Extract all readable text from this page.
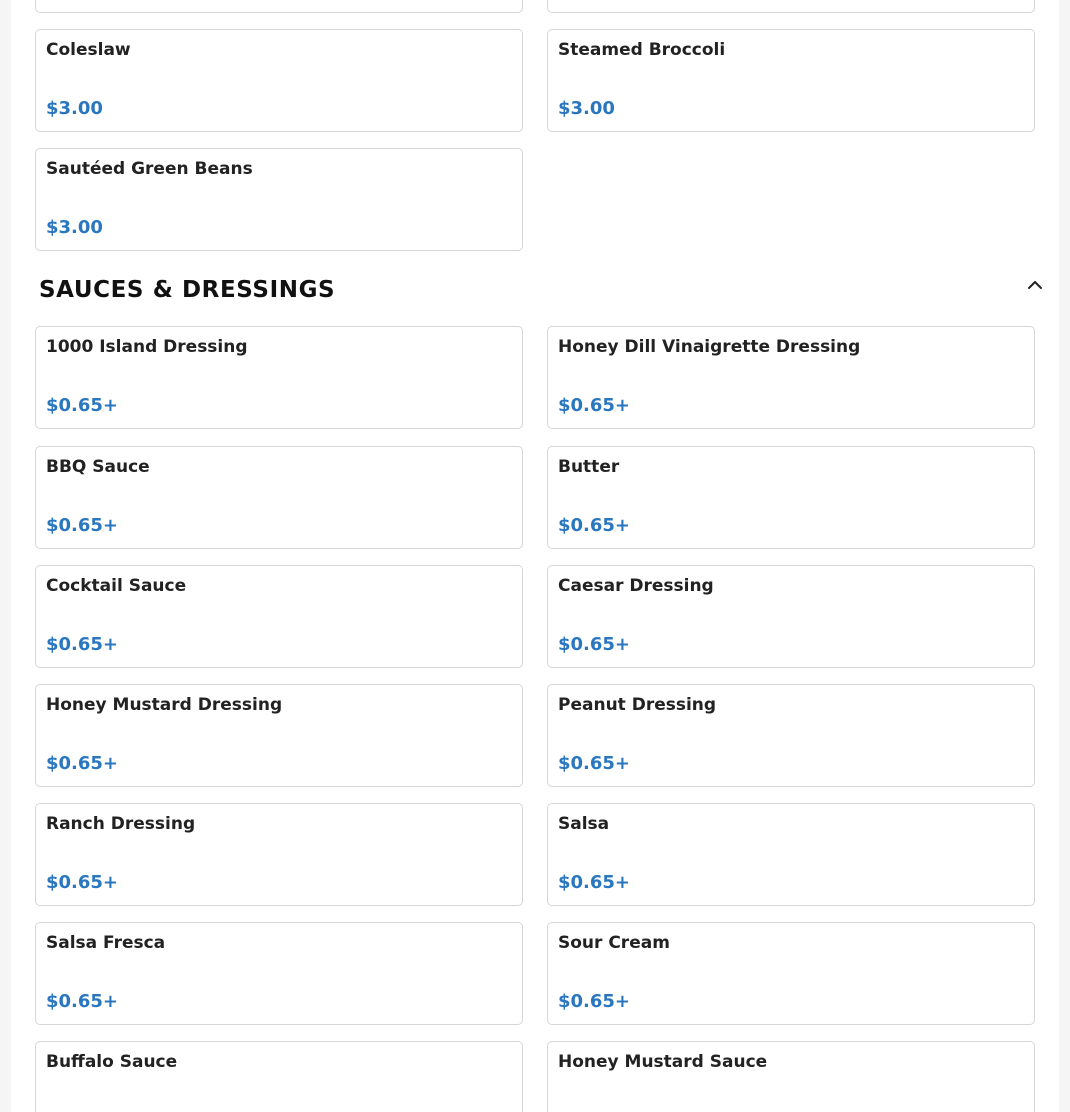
Coleslaw
$3.00
Steamed Broccoli
$3.00
Sautéed Green Beans
$3.00
SAUCES & DRESSINGS
1000 Island Dressing
$0.65+
Honey Dill Vinaigrette Dressing
$0.65+
BBQ Sauce
$0.65+
Butter
$0.65+
Cocktail Sauce
$0.65+
Caesar Dressing
$0.65+
Honey Mustard Dressing
$0.65+
Peanut Dressing
$0.65+
Ranch Dressing
$0.65+
Salsa
$0.65+
Salsa Fresca
$0.65+
Sour Cream
$0.65+
Buffalo Sauce	Honey Mustard Sauce
